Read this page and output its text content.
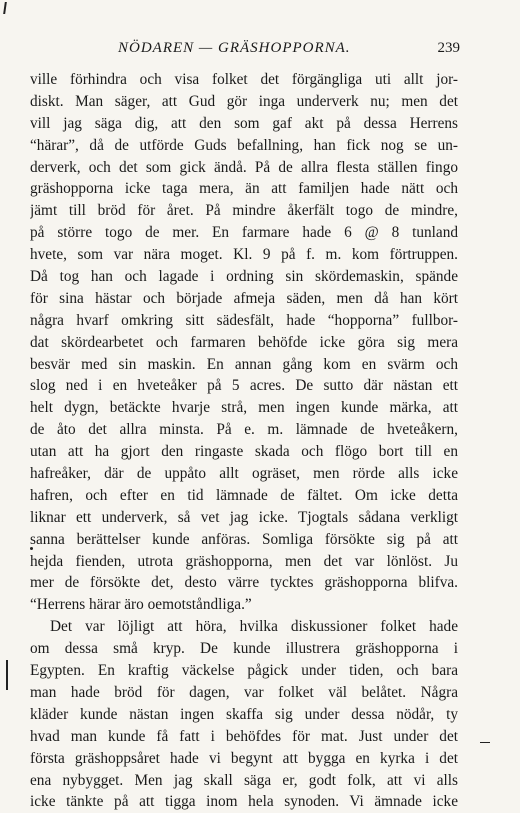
NÖDAREN — GRÄSHOPPORNA.	239
ville förhindra och visa folket det förgängliga uti allt jor-
diskt. Man säger, att Gud gör inga underverk nu; men det
vill jag säga dig, att den som gaf akt på dessa Herrens
“härar”, då de utförde Guds befallning, han fick nog se un-
derverk, och det som gick ändå. På de allra flesta ställen fingo
gräshopporna icke taga mera, än att familjen hade nätt och
jämt till bröd för året. På mindre åkerfält togo de mindre,
på större togo de mer. En farmare hade 6 @ 8 tunland
hvete, som var nära moget. Kl. 9 på f. m. kom förtruppen.
Då tog han och lagade i ordning sin skördemaskin, spände
för sina hästar och började afmeja säden, men då han kört
några hvarf omkring sitt sädesfält, hade “hopporna” fullbor-
dat skördearbetet och farmaren behöfde icke göra sig mera
besvär med sin maskin. En annan gång kom en svärm och
slog ned i en hveteåker på 5 acres. De sutto där nästan ett
helt dygn, betäckte hvarje strå, men ingen kunde märka, att
de åto det allra minsta. På e. m. lämnade de hveteåkern,
utan att ha gjort den ringaste skada och flögo bort till en
hafreåker, där de uppåto allt ogräset, men rörde alls icke
hafren, och efter en tid lämnade de fältet. Om icke detta
liknar ett underverk, så vet jag icke. Tjogtals sådana verkligt
sanna berättelser kunde anföras. Somliga försökte sig på att
hejda fienden, utrota gräshopporna, men det var lönlöst. Ju
mer de försökte det, desto värre tycktes gräshopporna blifva.
“Herrens härar äro oemotståndliga.”
Det var löjligt att höra, hvilka diskussioner folket hade
om dessa små kryp. De kunde illustrera gräshopporna i
Egypten. En kraftig väckelse pågick under tiden, och bara
man hade bröd för dagen, var folket väl belåtet. Några
kläder kunde nästan ingen skaffa sig under dessa nödår, ty
hvad man kunde få fatt i behöfdes för mat. Just under det
första gräshoppsåret hade vi begynt att bygga en kyrka i det
ena nybygget. Men jag skall säga er, godt folk, att vi alls
icke tänkte på att tigga inom hela synoden. Vi ämnade icke
